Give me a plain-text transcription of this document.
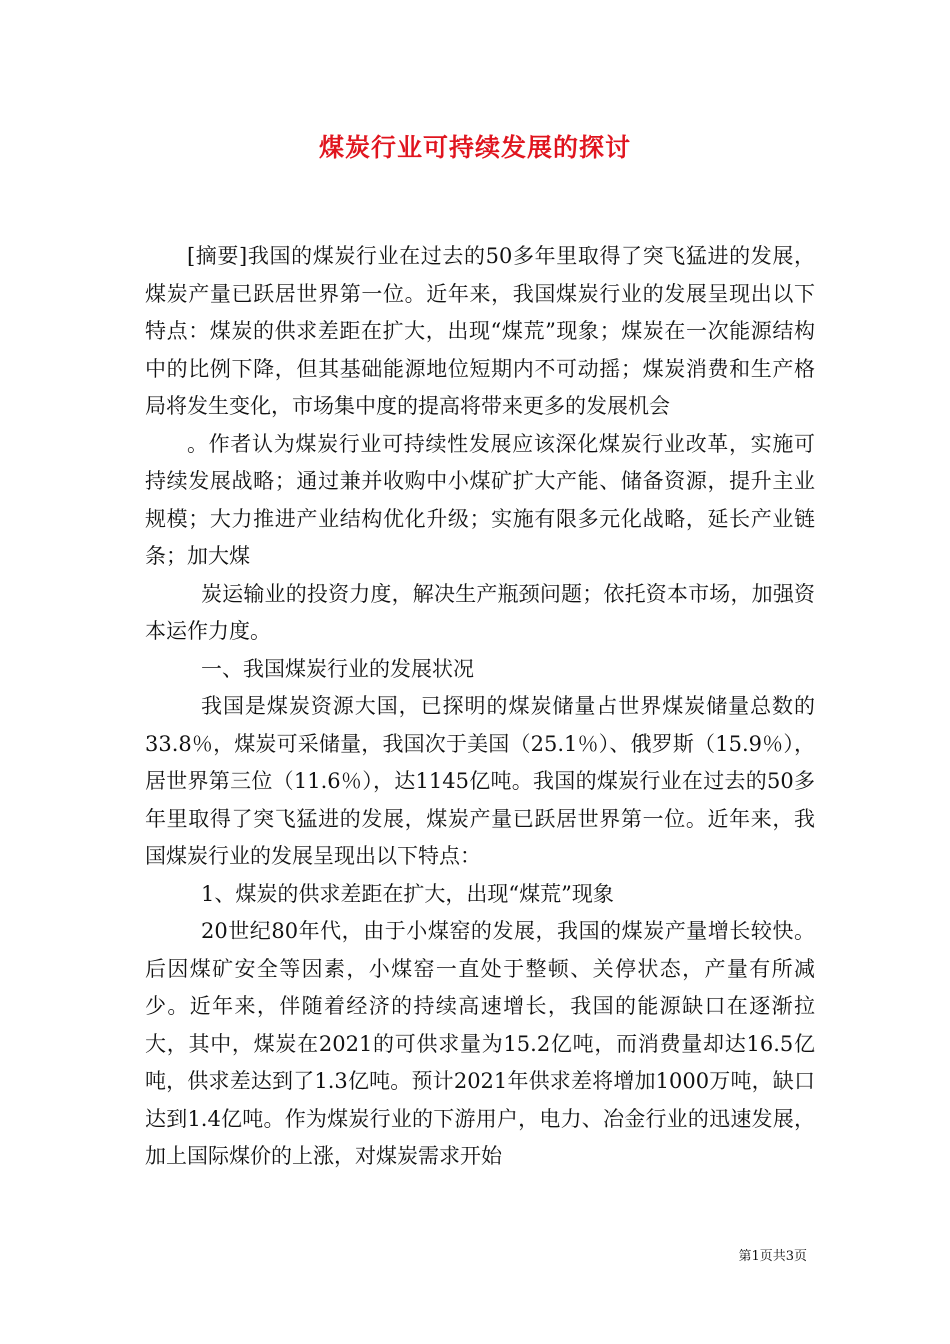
煤炭行业可持续发展的探讨

[摘要]我国的煤炭行业在过去的50多年里取得了突飞猛进的发展，煤炭产量已跃居世界第一位。近年来，我国煤炭行业的发展呈现出以下特点：煤炭的供求差距在扩大，出现“煤荒”现象；煤炭在一次能源结构中的比例下降，但其基础能源地位短期内不可动摇；煤炭消费和生产格局将发生变化，市场集中度的提高将带来更多的发展机会

。作者认为煤炭行业可持续性发展应该深化煤炭行业改革，实施可持续发展战略；通过兼并收购中小煤矿扩大产能、储备资源，提升主业规模；大力推进产业结构优化升级；实施有限多元化战略，延长产业链条；加大煤

炭运输业的投资力度，解决生产瓶颈问题；依托资本市场，加强资本运作力度。

一、我国煤炭行业的发展状况

我国是煤炭资源大国，已探明的煤炭储量占世界煤炭储量总数的33.8％，煤炭可采储量，我国次于美国（25.1％）、俄罗斯（15.9％），居世界第三位（11.6％），达1145亿吨。我国的煤炭行业在过去的50多年里取得了突飞猛进的发展，煤炭产量已跃居世界第一位。近年来，我国煤炭行业的发展呈现出以下特点：

1、煤炭的供求差距在扩大，出现“煤荒”现象

20世纪80年代，由于小煤窑的发展，我国的煤炭产量增长较快。后因煤矿安全等因素，小煤窑一直处于整顿、关停状态，产量有所减少。近年来，伴随着经济的持续高速增长，我国的能源缺口在逐渐拉大，其中，煤炭在2021的可供求量为15.2亿吨，而消费量却达16.5亿吨，供求差达到了1.3亿吨。预计2021年供求差将增加1000万吨，缺口达到1.4亿吨。作为煤炭行业的下游用户，电力、冶金行业的迅速发展，加上国际煤价的上涨，对煤炭需求开始

第1页共3页
